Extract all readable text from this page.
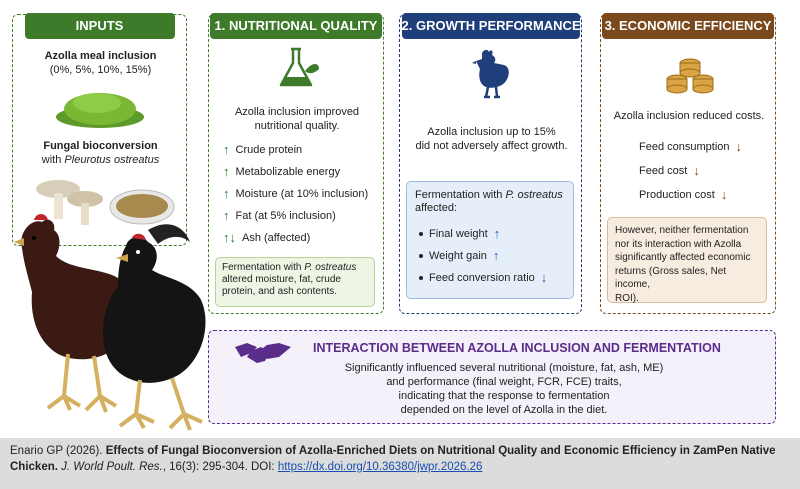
INPUTS
Azolla meal inclusion
(0%, 5%, 10%, 15%)
Fungal bioconversion
with Pleurotus ostreatus
1. NUTRITIONAL QUALITY
Azolla inclusion improved
nutritional quality.
↑ Crude protein
↑ Metabolizable energy
↑ Moisture (at 10% inclusion)
↑ Fat (at 5% inclusion)
↑↓ Ash (affected)
Fermentation with P. ostreatus
altered moisture, fat, crude
protein, and ash contents.
2. GROWTH PERFORMANCE
Azolla inclusion up to 15%
did not adversely affect growth.
Fermentation with P. ostreatus
affected:
Final weight ↑
Weight gain ↑
Feed conversion ratio ↓
3. ECONOMIC EFFICIENCY
Azolla inclusion reduced costs.
Feed consumption ↓
Feed cost ↓
Production cost ↓
However, neither fermentation
nor its interaction with Azolla
significantly affected economic
returns (Gross sales, Net income,
ROI).
INTERACTION BETWEEN AZOLLA INCLUSION AND FERMENTATION
Significantly influenced several nutritional (moisture, fat, ash, ME)
and performance (final weight, FCR, FCE) traits,
indicating that the response to fermentation
depended on the level of Azolla in the diet.
Enario GP (2026). Effects of Fungal Bioconversion of Azolla-Enriched Diets on Nutritional Quality and Economic Efficiency in ZamPen Native Chicken. J. World Poult. Res., 16(3): 295-304. DOI: https://dx.doi.org/10.36380/jwpr.2026.26
